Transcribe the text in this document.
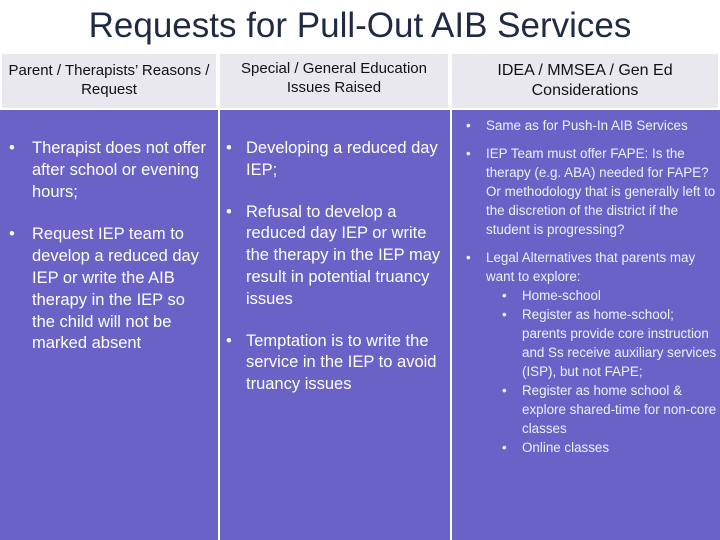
Requests for Pull-Out AIB Services
Parent / Therapists’ Reasons / Request
• Therapist does not offer after school or evening hours;
• Request IEP team to develop a reduced day IEP or write the AIB therapy in the IEP so the child will not be marked absent
Special / General Education Issues Raised
• Developing a reduced day IEP;
• Refusal to develop a reduced day IEP or write the therapy in the IEP may result in potential truancy issues
• Temptation is to write the service in the IEP to avoid truancy issues
IDEA / MMSEA / Gen Ed Considerations
• Same as for Push-In AIB Services
• IEP Team must offer FAPE: Is the therapy (e.g. ABA) needed for FAPE? Or methodology that is generally left to the discretion of the district if the student is progressing?
• Legal Alternatives that parents may want to explore:
• Home-school
• Register as home-school; parents provide core instruction and Ss receive auxiliary services (ISP), but not FAPE;
• Register as home school & explore shared-time for non-core classes
• Online classes
